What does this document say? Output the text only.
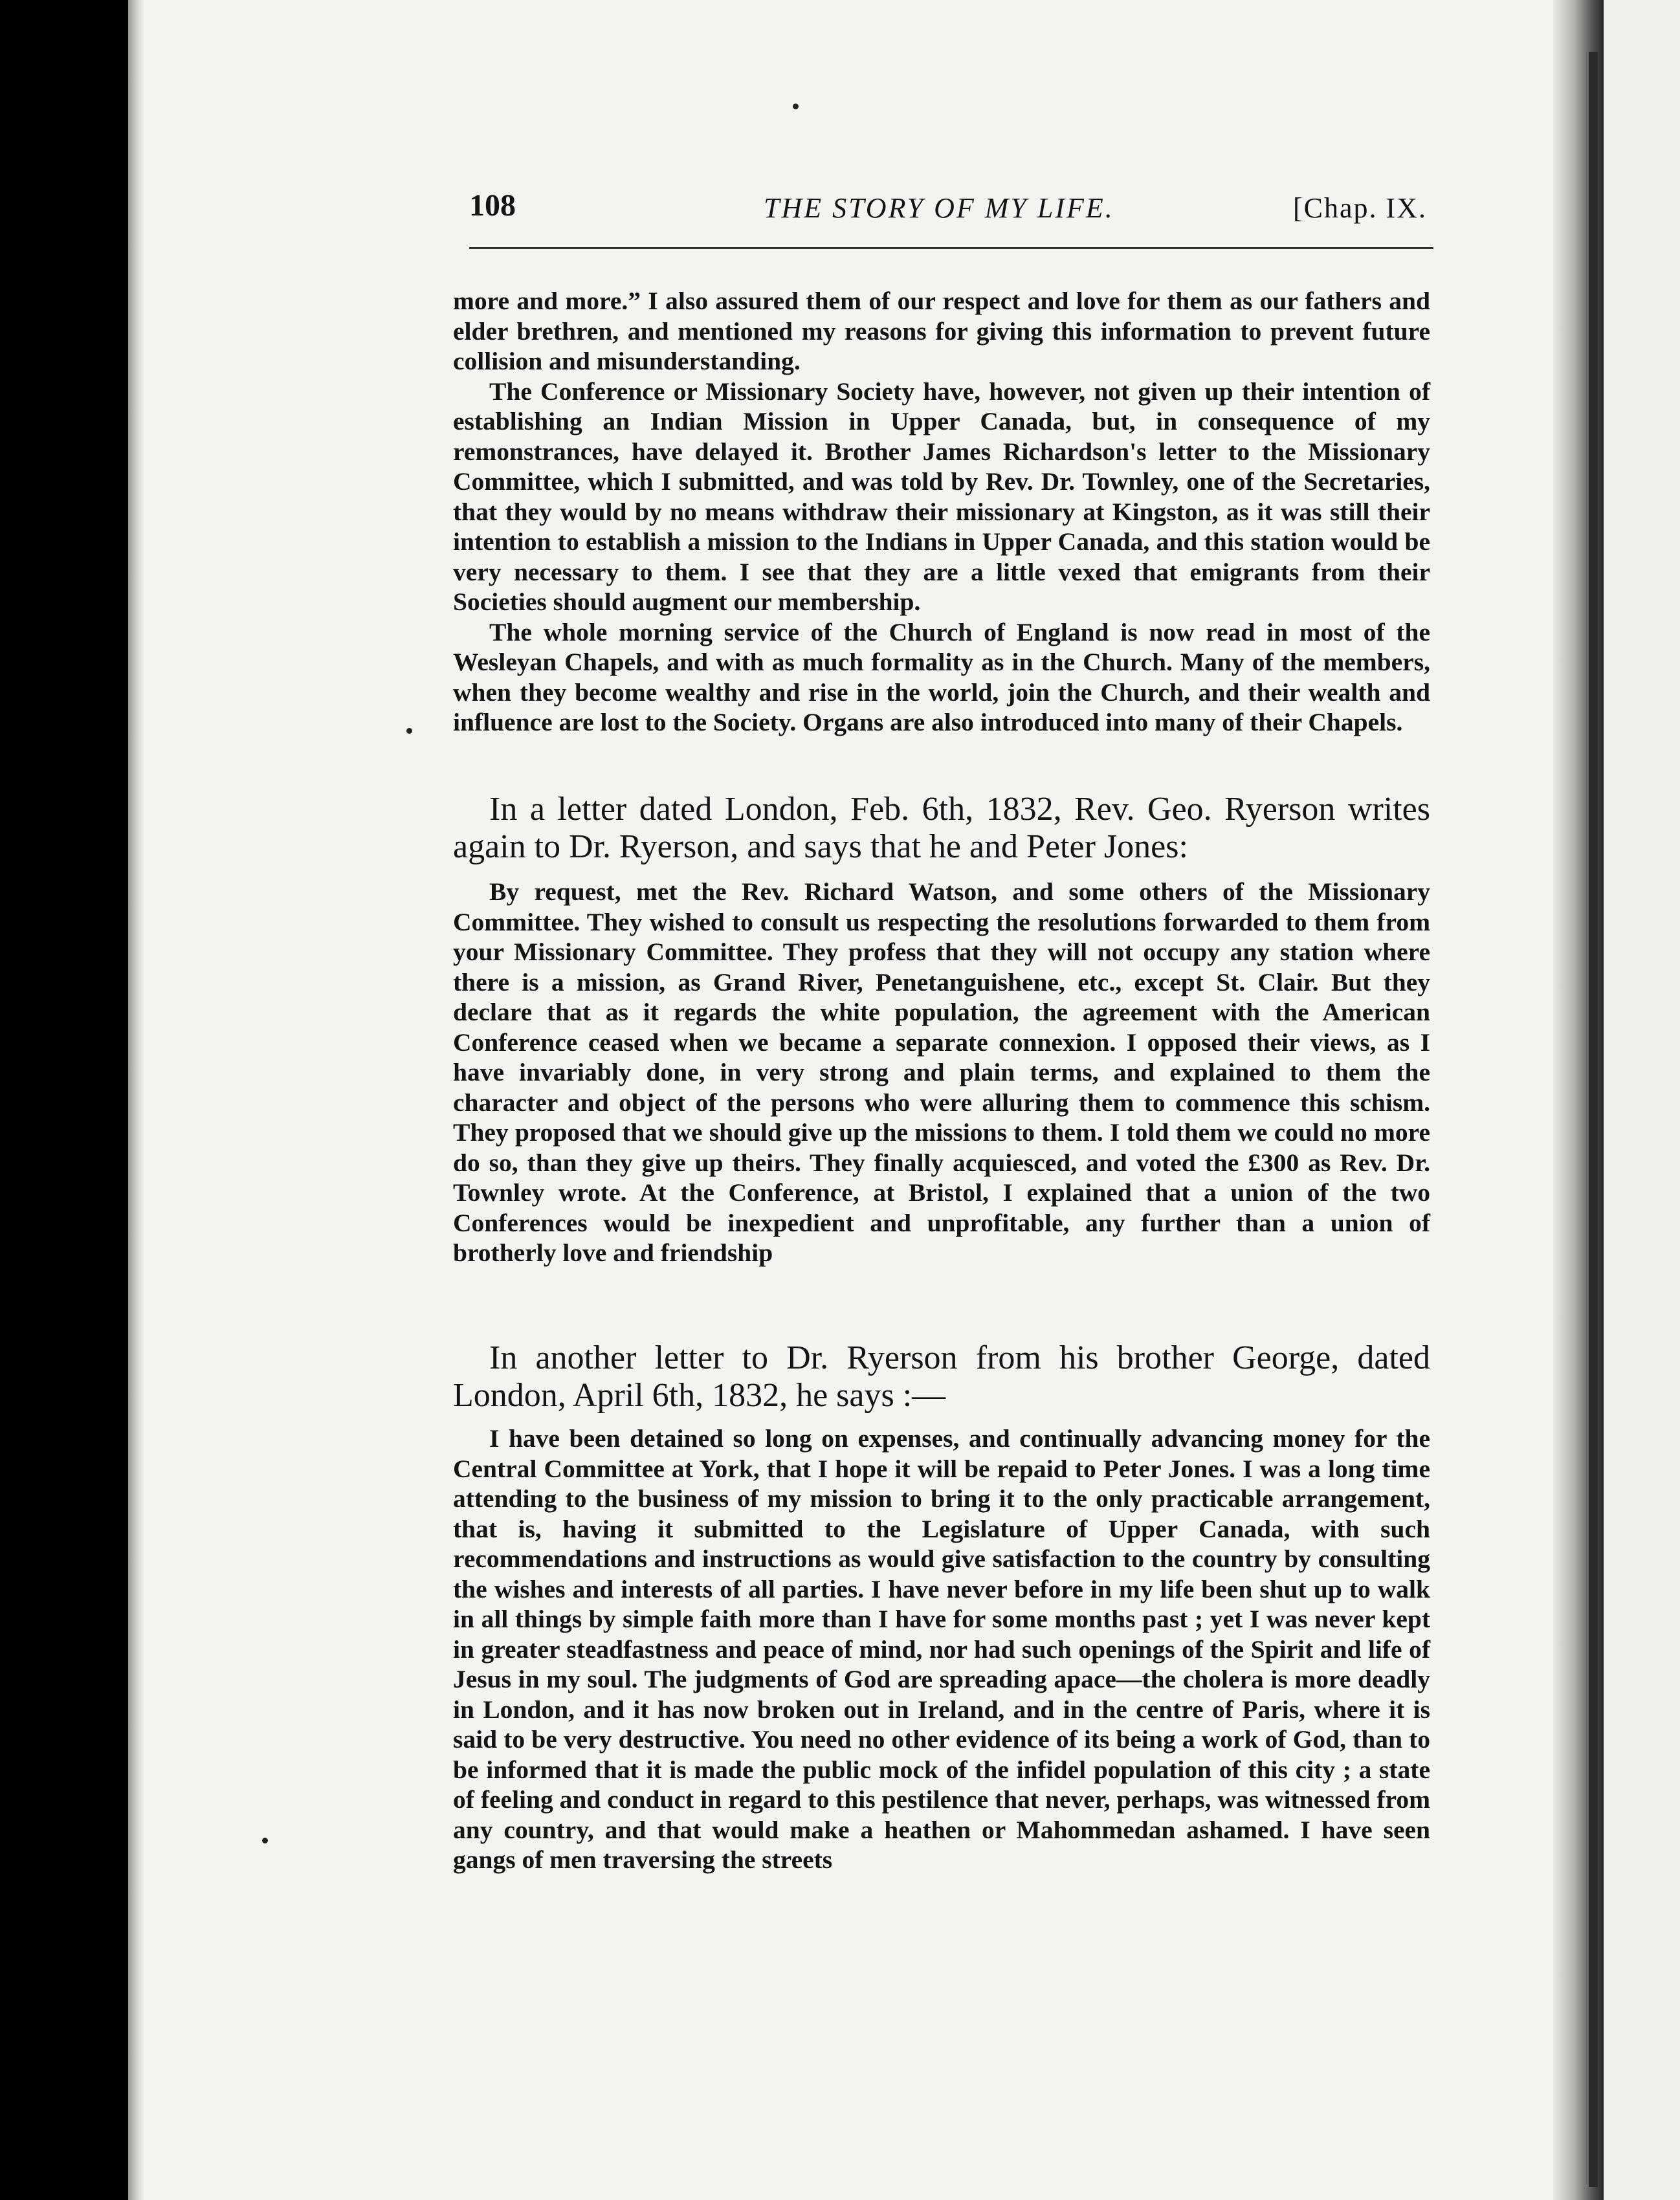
108	THE STORY OF MY LIFE.	[Chap. IX.

more and more.” I also assured them of our respect and love for them as our fathers and elder brethren, and mentioned my reasons for giving this information to prevent future collision and misunderstanding.

The Conference or Missionary Society have, however, not given up their intention of establishing an Indian Mission in Upper Canada, but, in consequence of my remonstrances, have delayed it. Brother James Richardson's letter to the Missionary Committee, which I submitted, and was told by Rev. Dr. Townley, one of the Secretaries, that they would by no means withdraw their missionary at Kingston, as it was still their intention to establish a mission to the Indians in Upper Canada, and this station would be very necessary to them. I see that they are a little vexed that emigrants from their Societies should augment our membership.

The whole morning service of the Church of England is now read in most of the Wesleyan Chapels, and with as much formality as in the Church. Many of the members, when they become wealthy and rise in the world, join the Church, and their wealth and influence are lost to the Society. Organs are also introduced into many of their Chapels.

In a letter dated London, Feb. 6th, 1832, Rev. Geo. Ryerson writes again to Dr. Ryerson, and says that he and Peter Jones:

By request, met the Rev. Richard Watson, and some others of the Missionary Committee. They wished to consult us respecting the resolutions forwarded to them from your Missionary Committee. They profess that they will not occupy any station where there is a mission, as Grand River, Penetanguishene, etc., except St. Clair. But they declare that as it regards the white population, the agreement with the American Conference ceased when we became a separate connexion. I opposed their views, as I have invariably done, in very strong and plain terms, and explained to them the character and object of the persons who were alluring them to commence this schism. They proposed that we should give up the missions to them. I told them we could no more do so, than they give up theirs. They finally acquiesced, and voted the £300 as Rev. Dr. Townley wrote. At the Conference, at Bristol, I explained that a union of the two Conferences would be inexpedient and unprofitable, any further than a union of brotherly love and friendship

In another letter to Dr. Ryerson from his brother George, dated London, April 6th, 1832, he says :—

I have been detained so long on expenses, and continually advancing money for the Central Committee at York, that I hope it will be repaid to Peter Jones. I was a long time attending to the business of my mission to bring it to the only practicable arrangement, that is, having it submitted to the Legislature of Upper Canada, with such recommendations and instructions as would give satisfaction to the country by consulting the wishes and interests of all parties. I have never before in my life been shut up to walk in all things by simple faith more than I have for some months past ; yet I was never kept in greater steadfastness and peace of mind, nor had such openings of the Spirit and life of Jesus in my soul. The judgments of God are spreading apace—the cholera is more deadly in London, and it has now broken out in Ireland, and in the centre of Paris, where it is said to be very destructive. You need no other evidence of its being a work of God, than to be informed that it is made the public mock of the infidel population of this city ; a state of feeling and conduct in regard to this pestilence that never, perhaps, was witnessed from any country, and that would make a heathen or Mahommedan ashamed. I have seen gangs of men traversing the streets
